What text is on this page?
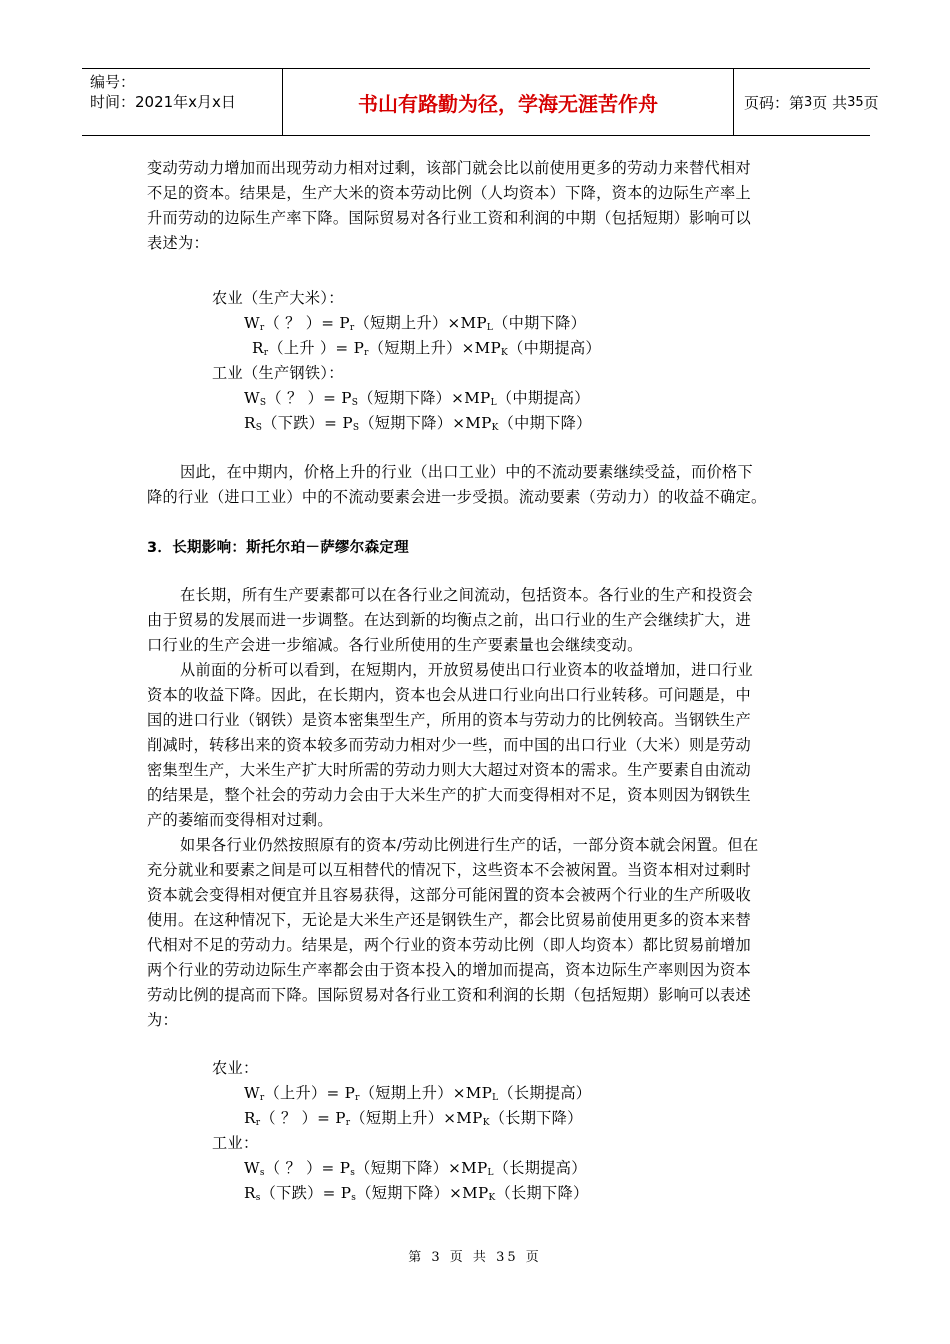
编号：
时间：2021年x月x日	书山有路勤为径，学海无涯苦作舟	页码：第 3 页 共 35 页
变动劳动力增加而出现劳动力相对过剩，该部门就会比以前使用更多的劳动力来替代相对
不足的资本。结果是，生产大米的资本劳动比例（人均资本）下降，资本的边际生产率上
升而劳动的边际生产率下降。国际贸易对各行业工资和利润的中期（包括短期）影响可以
表述为：
农业（生产大米）：
$W_r$（ ？ ）= $P_r$（短期上升）$\times MP_L$（中期下降）
$R_r$（上升 ）= $P_r$（短期上升）$\times MP_K$（中期提高）
工业（生产钢铁）：
$W_S$（ ？ ）= $P_S$（短期下降）$\times MP_L$（中期提高）
$R_S$（下跌）= $P_S$（短期下降）$\times MP_K$（中期下降）
因此，在中期内，价格上升的行业（出口工业）中的不流动要素继续受益，而价格下
降的行业（进口工业）中的不流动要素会进一步受损。流动要素（劳动力）的收益不确定。
3．长期影响：斯托尔珀－萨缪尔森定理
在长期，所有生产要素都可以在各行业之间流动，包括资本。各行业的生产和投资会
由于贸易的发展而进一步调整。在达到新的均衡点之前，出口行业的生产会继续扩大，进
口行业的生产会进一步缩减。各行业所使用的生产要素量也会继续变动。
从前面的分析可以看到，在短期内，开放贸易使出口行业资本的收益增加，进口行业
资本的收益下降。因此，在长期内，资本也会从进口行业向出口行业转移。可问题是，中
国的进口行业（钢铁）是资本密集型生产，所用的资本与劳动力的比例较高。当钢铁生产
削减时，转移出来的资本较多而劳动力相对少一些，而中国的出口行业（大米）则是劳动
密集型生产，大米生产扩大时所需的劳动力则大大超过对资本的需求。生产要素自由流动
的结果是，整个社会的劳动力会由于大米生产的扩大而变得相对不足，资本则因为钢铁生
产的萎缩而变得相对过剩。
如果各行业仍然按照原有的资本/劳动比例进行生产的话，一部分资本就会闲置。但在
充分就业和要素之间是可以互相替代的情况下，这些资本不会被闲置。当资本相对过剩时
资本就会变得相对便宜并且容易获得，这部分可能闲置的资本会被两个行业的生产所吸收
使用。在这种情况下，无论是大米生产还是钢铁生产，都会比贸易前使用更多的资本来替
代相对不足的劳动力。结果是，两个行业的资本劳动比例（即人均资本）都比贸易前增加
两个行业的劳动边际生产率都会由于资本投入的增加而提高，资本边际生产率则因为资本
劳动比例的提高而下降。国际贸易对各行业工资和利润的长期（包括短期）影响可以表述
为：
农业：
$W_r$（上升）= $P_r$（短期上升）$\times MP_L$（长期提高）
$R_r$（ ？ ）= $P_r$（短期上升）$\times MP_K$（长期下降）
工业：
$W_s$（ ？ ）= $P_s$（短期下降）$\times MP_L$（长期提高）
$R_s$（下跌）= $P_s$（短期下降）$\times MP_K$（长期下降）
第 3 页 共 35 页
